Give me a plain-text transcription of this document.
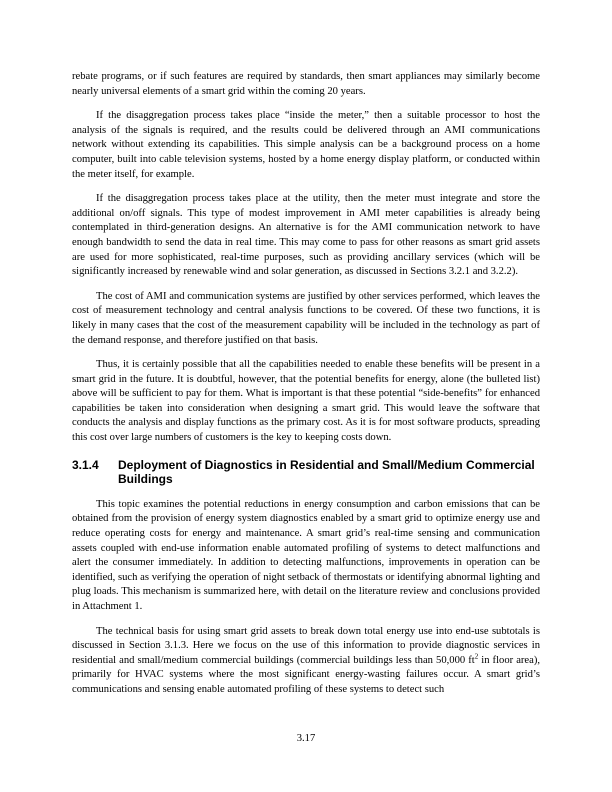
rebate programs, or if such features are required by standards, then smart appliances may similarly become nearly universal elements of a smart grid within the coming 20 years.

If the disaggregation process takes place “inside the meter,” then a suitable processor to host the analysis of the signals is required, and the results could be delivered through an AMI communications network without extending its capabilities. This simple analysis can be a background process on a home computer, built into cable television systems, hosted by a home energy display platform, or conducted within the meter itself, for example.

If the disaggregation process takes place at the utility, then the meter must integrate and store the additional on/off signals. This type of modest improvement in AMI meter capabilities is already being contemplated in third-generation designs. An alternative is for the AMI communication network to have enough bandwidth to send the data in real time. This may come to pass for other reasons as smart grid assets are used for more sophisticated, real-time purposes, such as providing ancillary services (which will be significantly increased by renewable wind and solar generation, as discussed in Sections 3.2.1 and 3.2.2).

The cost of AMI and communication systems are justified by other services performed, which leaves the cost of measurement technology and central analysis functions to be covered. Of these two functions, it is likely in many cases that the cost of the measurement capability will be included in the technology as part of the demand response, and therefore justified on that basis.

Thus, it is certainly possible that all the capabilities needed to enable these benefits will be present in a smart grid in the future. It is doubtful, however, that the potential benefits for energy, alone (the bulleted list) above will be sufficient to pay for them. What is important is that these potential “side-benefits” for enhanced capabilities be taken into consideration when designing a smart grid. This would leave the software that conducts the analysis and display functions as the primary cost. As it is for most software products, spreading this cost over large numbers of customers is the key to keeping costs down.

3.1.4	Deployment of Diagnostics in Residential and Small/Medium Commercial Buildings

This topic examines the potential reductions in energy consumption and carbon emissions that can be obtained from the provision of energy system diagnostics enabled by a smart grid to optimize energy use and reduce operating costs for energy and maintenance. A smart grid’s real-time sensing and communication assets coupled with end-use information enable automated profiling of systems to detect malfunctions and alert the consumer immediately. In addition to detecting malfunctions, improvements in operation can be identified, such as verifying the operation of night setback of thermostats or identifying abnormal lighting and plug loads. This mechanism is summarized here, with detail on the literature review and conclusions provided in Attachment 1.

The technical basis for using smart grid assets to break down total energy use into end-use subtotals is discussed in Section 3.1.3. Here we focus on the use of this information to provide diagnostic services in residential and small/medium commercial buildings (commercial buildings less than 50,000 $ft^2$ in floor area), primarily for HVAC systems where the most significant energy-wasting failures occur. A smart grid’s communications and sensing enable automated profiling of these systems to detect such

3.17
